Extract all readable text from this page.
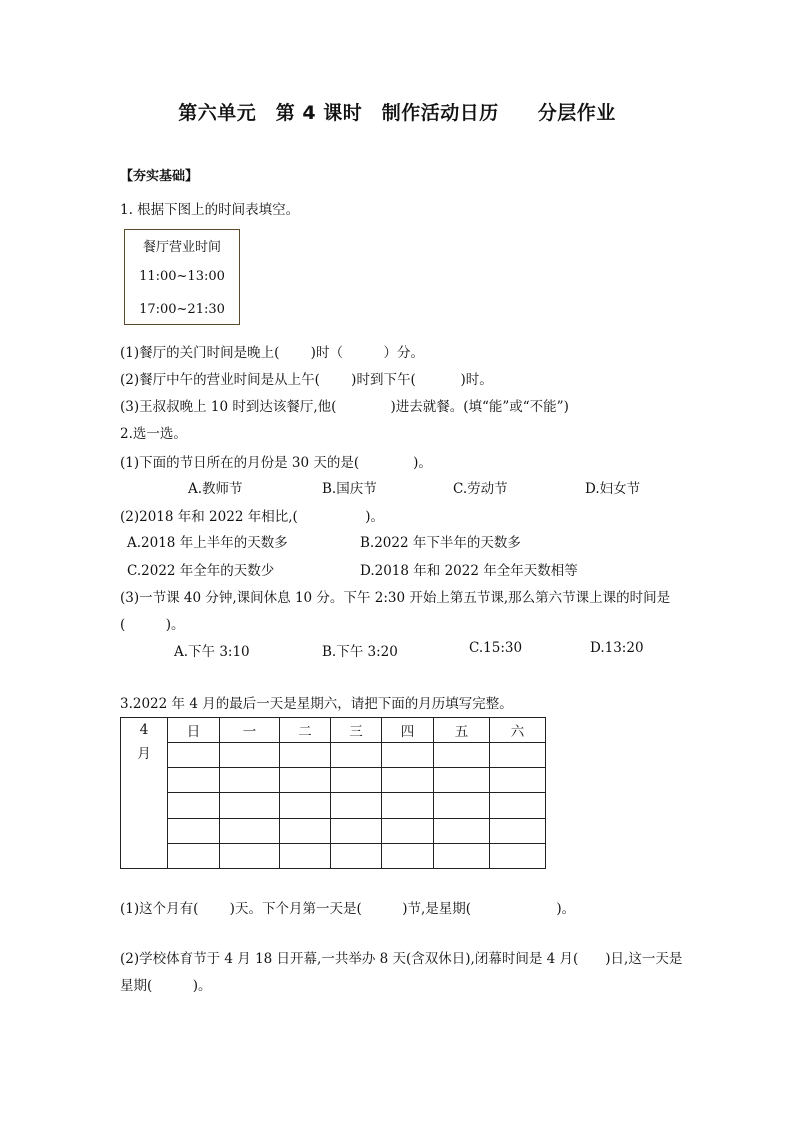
第六单元　第 4 课时　制作活动日历　　分层作业
【夯实基础】
1. 根据下图上的时间表填空。
餐厅营业时间
11:00~13:00
17:00~21:30
(1)餐厅的关门时间是晚上(　　 )时（　　　）分。
(2)餐厅中午的营业时间是从上午(　　 )时到下午(　　　 )时。
(3)王叔叔晚上 10 时到达该餐厅,他(　　　　)进去就餐。(填“能”或“不能”)
2.选一选。
(1)下面的节日所在的月份是 30 天的是(　　　　)。
A.教师节	B.国庆节	C.劳动节	D.妇女节
(2)2018 年和 2022 年相比,(　　　　　)。
A.2018 年上半年的天数多	B.2022 年下半年的天数多
C.2022 年全年的天数少	D.2018 年和 2022 年全年天数相等
(3)一节课 40 分钟,课间休息 10 分。下午 2:30 开始上第五节课,那么第六节课上课的时间是
(　　　)。
A.下午 3:10	B.下午 3:20	C.15:30	D.13:20
3.2022 年 4 月的最后一天是星期六，请把下面的月历填写完整。
4
月	日	一	二	三	四	五	六

(1)这个月有(　　 )天。下个月第一天是(　　　)节,是星期(　　　　　　 )。
(2)学校体育节于 4 月 18 日开幕,一共举办 8 天(含双休日),闭幕时间是 4 月(　　)日,这一天是
星期(　　　)。
